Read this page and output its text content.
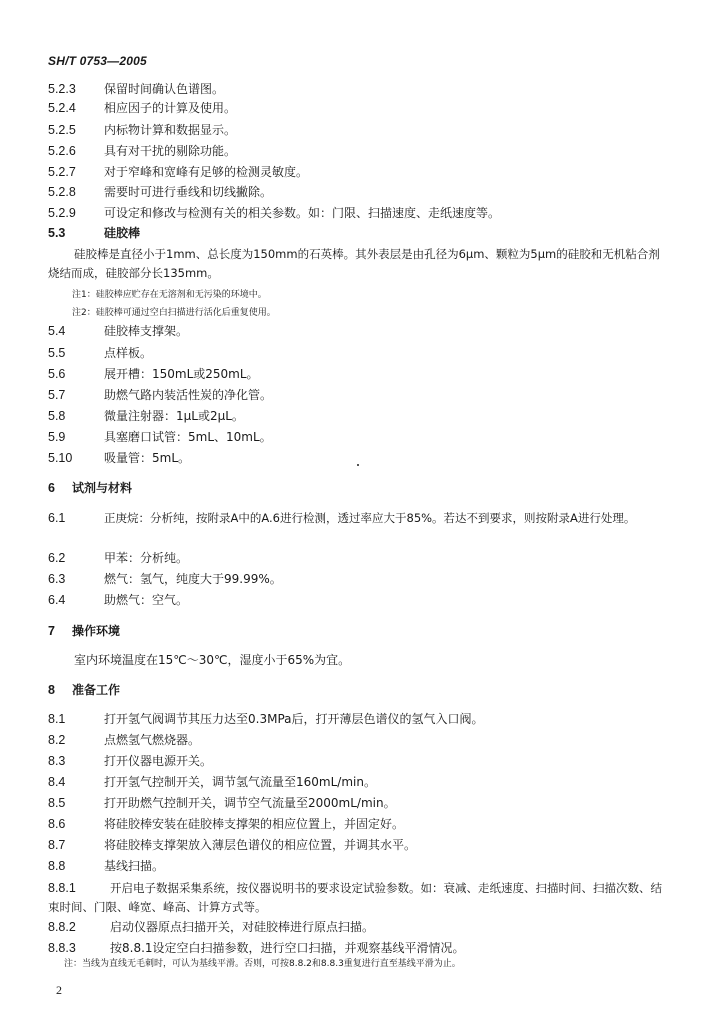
SH/T 0753—2005
5.2.3 保留时间确认色谱图。
5.2.4 相应因子的计算及使用。
5.2.5 内标物计算和数据显示。
5.2.6 具有对干扰的剔除功能。
5.2.7 对于窄峰和宽峰有足够的检测灵敏度。
5.2.8 需要时可进行垂线和切线撇除。
5.2.9 可设定和修改与检测有关的相关参数。如：门限、扫描速度、走纸速度等。
5.3	硅胶棒
硅胶棒是直径小于1mm、总长度为150mm的石英棒。其外表层是由孔径为6μm、颗粒为5μm的硅胶和无机粘合剂烧结而成，硅胶部分长135mm。
注1：硅胶棒应贮存在无溶剂和无污染的环境中。
注2：硅胶棒可通过空白扫描进行活化后重复使用。
5.4	硅胶棒支撑架。
5.5	点样板。
5.6	展开槽：150mL或250mL。
5.7	助燃气路内装活性炭的净化管。
5.8	微量注射器：1μL或2μL。
5.9	具塞磨口试管：5mL、10mL。
5.10	吸量管：5mL。
6 试剂与材料
6.1	正庚烷：分析纯，按附录A中的A.6进行检测，透过率应大于85%。若达不到要求，则按附录A进行处理。
6.2	甲苯：分析纯。
6.3	燃气：氢气，纯度大于99.99%。
6.4	助燃气：空气。
7 操作环境
室内环境温度在15℃～30℃，湿度小于65%为宜。
8 准备工作
8.1	打开氢气阀调节其压力达至0.3MPa后，打开薄层色谱仪的氢气入口阀。
8.2	点燃氢气燃烧器。
8.3	打开仪器电源开关。
8.4	打开氢气控制开关，调节氢气流量至160mL/min。
8.5	打开助燃气控制开关，调节空气流量至2000mL/min。
8.6	将硅胶棒安装在硅胶棒支撑架的相应位置上，并固定好。
8.7	将硅胶棒支撑架放入薄层色谱仪的相应位置，并调其水平。
8.8	基线扫描。
8.8.1	开启电子数据采集系统，按仪器说明书的要求设定试验参数。如：衰减、走纸速度、扫描时间、扫描次数、结束时间、门限、峰宽、峰高、计算方式等。
8.8.2	启动仪器原点扫描开关，对硅胶棒进行原点扫描。
8.8.3	按8.8.1设定空白扫描参数，进行空口扫描，并观察基线平滑情况。
注：当线为直线无毛刺时，可认为基线平滑。否则，可按8.8.2和8.8.3重复进行直至基线平滑为止。
2
